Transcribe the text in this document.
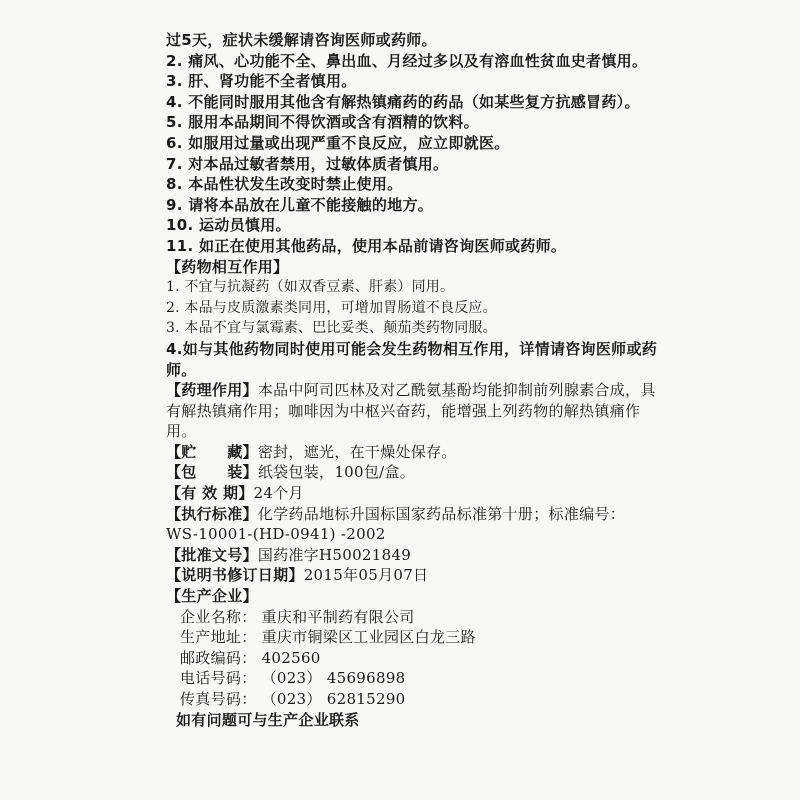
过5天，症状未缓解请咨询医师或药师。
2. 痛风、心功能不全、鼻出血、月经过多以及有溶血性贫血史者慎用。
3. 肝、肾功能不全者慎用。
4. 不能同时服用其他含有解热镇痛药的药品（如某些复方抗感冒药）。
5. 服用本品期间不得饮酒或含有酒精的饮料。
6. 如服用过量或出现严重不良反应，应立即就医。
7. 对本品过敏者禁用，过敏体质者慎用。
8. 本品性状发生改变时禁止使用。
9. 请将本品放在儿童不能接触的地方。
10. 运动员慎用。
11. 如正在使用其他药品，使用本品前请咨询医师或药师。
【药物相互作用】
1. 不宜与抗凝药（如双香豆素、肝素）同用。
2. 本品与皮质激素类同用，可增加胃肠道不良反应。
3. 本品不宜与氯霉素、巴比妥类、颠茄类药物同服。
4.如与其他药物同时使用可能会发生药物相互作用，详情请咨询医师或药师。
【药理作用】本品中阿司匹林及对乙酰氨基酚均能抑制前列腺素合成，具有解热镇痛作用；咖啡因为中枢兴奋药，能增强上列药物的解热镇痛作用。
【贮　　藏】密封，遮光，在干燥处保存。
【包　　装】纸袋包装，100包/盒。
【有 效 期】24个月
【执行标准】化学药品地标升国标国家药品标准第十册；标准编号：
WS-10001-(HD-0941) -2002
【批准文号】国药准字H50021849
【说明书修订日期】2015年05月07日
【生产企业】
企业名称： 重庆和平制药有限公司
生产地址： 重庆市铜梁区工业园区白龙三路
邮政编码： 402560
电话号码： （023） 45696898
传真号码： （023） 62815290
如有问题可与生产企业联系
